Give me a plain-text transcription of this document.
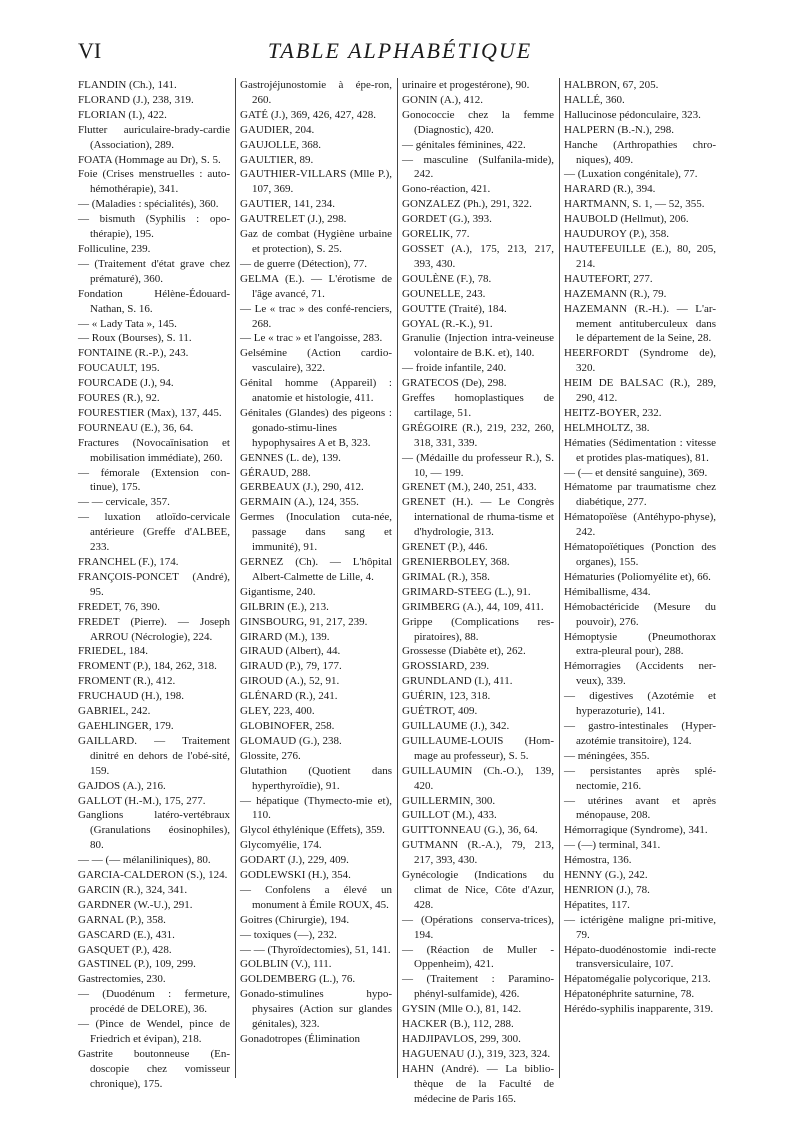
VI	TABLE ALPHABÉTIQUE

FLANDIN (Ch.), 141.

FLORAND (J.), 238, 319.

FLORIAN (I.), 422.

Flutter auriculaire-brady-cardie (Association), 289.

FOATA (Hommage au Dr), S. 5.

Foie (Crises menstruelles : auto-hémothérapie), 341.

— (Maladies : spécialités), 360.

— bismuth (Syphilis : opo-thérapie), 195.

Folliculine, 239.

— (Traitement d'état grave chez prématuré), 360.

Fondation Hélène-Édouard-Nathan, S. 16.

— « Lady Tata », 145.

— Roux (Bourses), S. 11.

FONTAINE (R.-P.), 243.

FOUCAULT, 195.

FOURCADE (J.), 94.

FOURES (R.), 92.

FOURESTIER (Max), 137, 445.

FOURNEAU (E.), 36, 64.

Fractures (Novocaïnisation et mobilisation immédiate), 260.

— fémorale (Extension con-tinue), 175.

— — cervicale, 357.

— luxation atloïdo-cervicale antérieure (Greffe d'ALBEE, 233.

FRANCHEL (F.), 174.

FRANÇOIS-PONCET (André), 95.

FREDET, 76, 390.

FREDET (Pierre). — Joseph ARROU (Nécrologie), 224.

FRIEDEL, 184.

FROMENT (P.), 184, 262, 318.

FROMENT (R.), 412.

FRUCHAUD (H.), 198.

GABRIEL, 242.

GAEHLINGER, 179.

GAILLARD. — Traitement dinitré en dehors de l'obé-sité, 159.

GAJDOS (A.), 216.

GALLOT (H.-M.), 175, 277.

Ganglions latéro-vertébraux (Granulations éosinophiles), 80.

— — (— mélaniliniques), 80.

GARCIA-CALDERON (S.), 124.

GARCIN (R.), 324, 341.

GARDNER (W.-U.), 291.

GARNAL (P.), 358.

GASCARD (E.), 431.

GASQUET (P.), 428.

GASTINEL (P.), 109, 299.

Gastrectomies, 230.

— (Duodénum : fermeture, procédé de DELORE), 36.

— (Pince de Wendel, pince de Friedrich et évipan), 218.

Gastrite boutonneuse (En-doscopie chez vomisseur chronique), 175.

Gastrojéjunostomie à épe-ron, 260.

GATÉ (J.), 369, 426, 427, 428.

GAUDIER, 204.

GAUJOLLE, 368.

GAULTIER, 89.

GAUTHIER-VILLARS (Mlle P.), 107, 369.

GAUTIER, 141, 234.

GAUTRELET (J.), 298.

Gaz de combat (Hygiène urbaine et protection), S. 25.

— de guerre (Détection), 77.

GELMA (E.). — L'érotisme de l'âge avancé, 71.

— Le « trac » des confé-renciers, 268.

— Le « trac » et l'angoisse, 283.

Gelsémine (Action cardio-vasculaire), 322.

Génital homme (Appareil) : anatomie et histologie, 411.

Génitales (Glandes) des pigeons : gonado-stimu-lines hypophysaires A et B, 323.

GENNES (L. de), 139.

GÉRAUD, 288.

GERBEAUX (J.), 290, 412.

GERMAIN (A.), 124, 355.

Germes (Inoculation cuta-née, passage dans sang et immunité), 91.

GERNEZ (Ch). — L'hôpital Albert-Calmette de Lille, 4.

Gigantisme, 240.

GILBRIN (E.), 213.

GINSBOURG, 91, 217, 239.

GIRARD (M.), 139.

GIRAUD (Albert), 44.

GIRAUD (P.), 79, 177.

GIROUD (A.), 52, 91.

GLÉNARD (R.), 241.

GLEY, 223, 400.

GLOBINOFER, 258.

GLOMAUD (G.), 238.

Glossite, 276.

Glutathion (Quotient dans hyperthyroïdie), 91.

— hépatique (Thymecto-mie et), 110.

Glycol éthylénique (Effets), 359.

Glycomyélie, 174.

GODART (J.), 229, 409.

GODLEWSKI (H.), 354.

— Confolens a élevé un monument à Émile ROUX, 45.

Goitres (Chirurgie), 194.

— toxiques (—), 232.

— — (Thyroïdectomies), 51, 141.

GOLBLIN (V.), 111.

GOLDEMBERG (L.), 76.

Gonado-stimulines hypo-physaires (Action sur glandes génitales), 323.

Gonadotropes (Élimination

urinaire et progestérone), 90.

GONIN (A.), 412.

Gonococcie chez la femme (Diagnostic), 420.

— génitales féminines, 422.

— masculine (Sulfanila-mide), 242.

Gono-réaction, 421.

GONZALEZ (Ph.), 291, 322.

GORDET (G.), 393.

GORELIK, 77.

GOSSET (A.), 175, 213, 217, 393, 430.

GOULÈNE (F.), 78.

GOUNELLE, 243.

GOUTTE (Traité), 184.

GOYAL (R.-K.), 91.

Granulie (Injection intra-veineuse volontaire de B.K. et), 140.

— froide infantile, 240.

GRATECOS (De), 298.

Greffes homoplastiques de cartilage, 51.

GRÉGOIRE (R.), 219, 232, 260, 318, 331, 339.

— (Médaille du professeur R.), S. 10, — 199.

GRENET (M.), 240, 251, 433.

GRENET (H.). — Le Congrès international de rhuma-tisme et d'hydrologie, 313.

GRENET (P.), 446.

GRENIERBOLEY, 368.

GRIMAL (R.), 358.

GRIMARD-STEEG (L.), 91.

GRIMBERG (A.), 44, 109, 411.

Grippe (Complications res-piratoires), 88.

Grossesse (Diabète et), 262.

GROSSIARD, 239.

GRUNDLAND (I.), 411.

GUÉRIN, 123, 318.

GUÉTROT, 409.

GUILLAUME (J.), 342.

GUILLAUME-LOUIS (Hom-mage au professeur), S. 5.

GUILLAUMIN (Ch.-O.), 139, 420.

GUILLERMIN, 300.

GUILLOT (M.), 433.

GUITTONNEAU (G.), 36, 64.

GUTMANN (R.-A.), 79, 213, 217, 393, 430.

Gynécologie (Indications du climat de Nice, Côte d'Azur, 428.

— (Opérations conserva-trices), 194.

— (Réaction de Muller - Oppenheim), 421.

— (Traitement : Paramino-phényl-sulfamide), 426.

GYSIN (Mlle O.), 81, 142.

HACKER (B.), 112, 288.

HADJIPAVLOS, 299, 300.

HAGUENAU (J.), 319, 323, 324.

HAHN (André). — La biblio-thèque de la Faculté de médecine de Paris 165.

HALBRON, 67, 205.

HALLÉ, 360.

Hallucinose pédonculaire, 323.

HALPERN (B.-N.), 298.

Hanche (Arthropathies chro-niques), 409.

— (Luxation congénitale), 77.

HARARD (R.), 394.

HARTMANN, S. 1, — 52, 355.

HAUBOLD (Hellmut), 206.

HAUDUROY (P.), 358.

HAUTEFEUILLE (E.), 80, 205, 214.

HAUTEFORT, 277.

HAZEMANN (R.), 79.

HAZEMANN (R.-H.). — L'ar-mement antituberculeux dans le département de la Seine, 28.

HEERFORDT (Syndrome de), 320.

HEIM DE BALSAC (R.), 289, 290, 412.

HEITZ-BOYER, 232.

HELMHOLTZ, 38.

Hématies (Sédimentation : vitesse et protides plas-matiques), 81.

— (— et densité sanguine), 369.

Hématome par traumatisme chez diabétique, 277.

Hématopoïèse (Antéhypo-physe), 242.

Hématopoïétiques (Ponction des organes), 155.

Hématuries (Poliomyélite et), 66.

Hémiballisme, 434.

Hémobactéricide (Mesure du pouvoir), 276.

Hémoptysie (Pneumothorax extra-pleural pour), 288.

Hémorragies (Accidents ner-veux), 339.

— digestives (Azotémie et hyperazoturie), 141.

— gastro-intestinales (Hyper-azotémie transitoire), 124.

— méningées, 355.

— persistantes après splé-nectomie, 216.

— utérines avant et après ménopause, 208.

Hémorragique (Syndrome), 341.

— (—) terminal, 341.

Hémostra, 136.

HENNY (G.), 242.

HENRION (J.), 78.

Hépatites, 117.

— ictérigène maligne pri-mitive, 79.

Hépato-duodénostomie indi-recte transversiculaire, 107.

Hépatomégalie polycorique, 213.

Hépatonéphrite saturnine, 78.

Hérédo-syphilis inapparente, 319.
